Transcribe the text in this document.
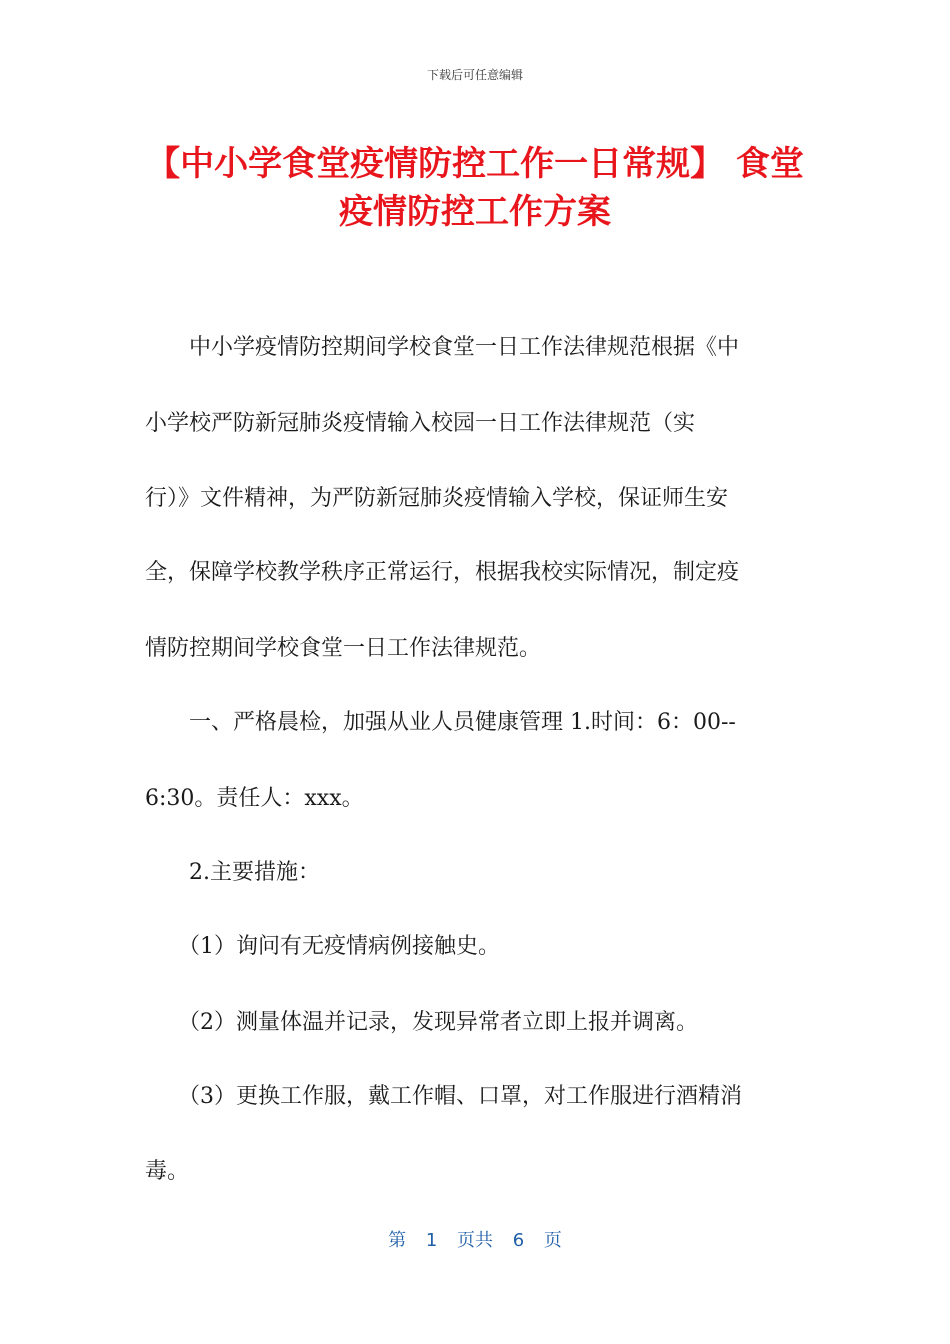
下载后可任意编辑
【中小学食堂疫情防控工作一日常规】 食堂
疫情防控工作方案
　　中小学疫情防控期间学校食堂一日工作法律规范根据《中
小学校严防新冠肺炎疫情输入校园一日工作法律规范（实
行）》文件精神，为严防新冠肺炎疫情输入学校，保证师生安
全，保障学校教学秩序正常运行，根据我校实际情况，制定疫
情防控期间学校食堂一日工作法律规范。
　　一、严格晨检，加强从业人员健康管理 1.时间：6：00--
6:30。责任人：xxx。
　　2.主要措施：
　　（1）询问有无疫情病例接触史。
　　（2）测量体温并记录，发现异常者立即上报并调离。
　　（3）更换工作服，戴工作帽、口罩，对工作服进行酒精消
毒。
第 1 页共 6 页
